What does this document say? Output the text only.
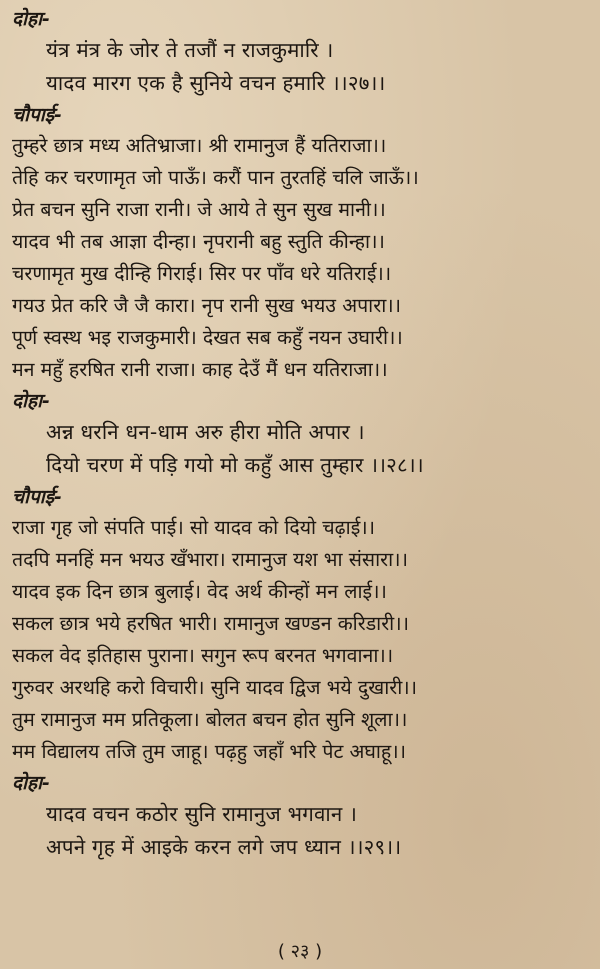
दोहा-
यंत्र मंत्र के जोर ते तजौं न राजकुमारि ।
यादव मारग एक है सुनिये वचन हमारि ।।२७।।
चौपाई-
तुम्हरे छात्र मध्य अतिभ्राजा। श्री रामानुज हैं यतिराजा।।
तेहि कर चरणामृत जो पाऊँ। करौं पान तुरतहिं चलि जाऊँ।।
प्रेत बचन सुनि राजा रानी। जे आये ते सुन सुख मानी।।
यादव भी तब आज्ञा दीन्हा। नृपरानी बहु स्तुति कीन्हा।।
चरणामृत मुख दीन्हि गिराई। सिर पर पाँव धरे यतिराई।।
गयउ प्रेत करि जै जै कारा। नृप रानी सुख भयउ अपारा।।
पूर्ण स्वस्थ भइ राजकुमारी। देखत सब कहुँ नयन उघारी।।
मन महुँ हरषित रानी राजा। काह देउँ मैं धन यतिराजा।।
दोहा-
अन्न धरनि धन-धाम अरु हीरा मोति अपार ।
दियो चरण में पड़ि गयो मो कहुँ आस तुम्हार ।।२८।।
चौपाई-
राजा गृह जो संपति पाई। सो यादव को दियो चढ़ाई।।
तदपि मनहिं मन भयउ खँभारा। रामानुज यश भा संसारा।।
यादव इक दिन छात्र बुलाई। वेद अर्थ कीन्हों मन लाई।।
सकल छात्र भये हरषित भारी। रामानुज खण्डन करिडारी।।
सकल वेद इतिहास पुराना। सगुन रूप बरनत भगवाना।।
गुरुवर अरथहि करो विचारी। सुनि यादव द्विज भये दुखारी।।
तुम रामानुज मम प्रतिकूला। बोलत बचन होत सुनि शूला।।
मम विद्यालय तजि तुम जाहू। पढ़हु जहाँ भरि पेट अघाहू।।
दोहा-
यादव वचन कठोर सुनि रामानुज भगवान ।
अपने गृह में आइके करन लगे जप ध्यान ।।२९।।
( २३ )
